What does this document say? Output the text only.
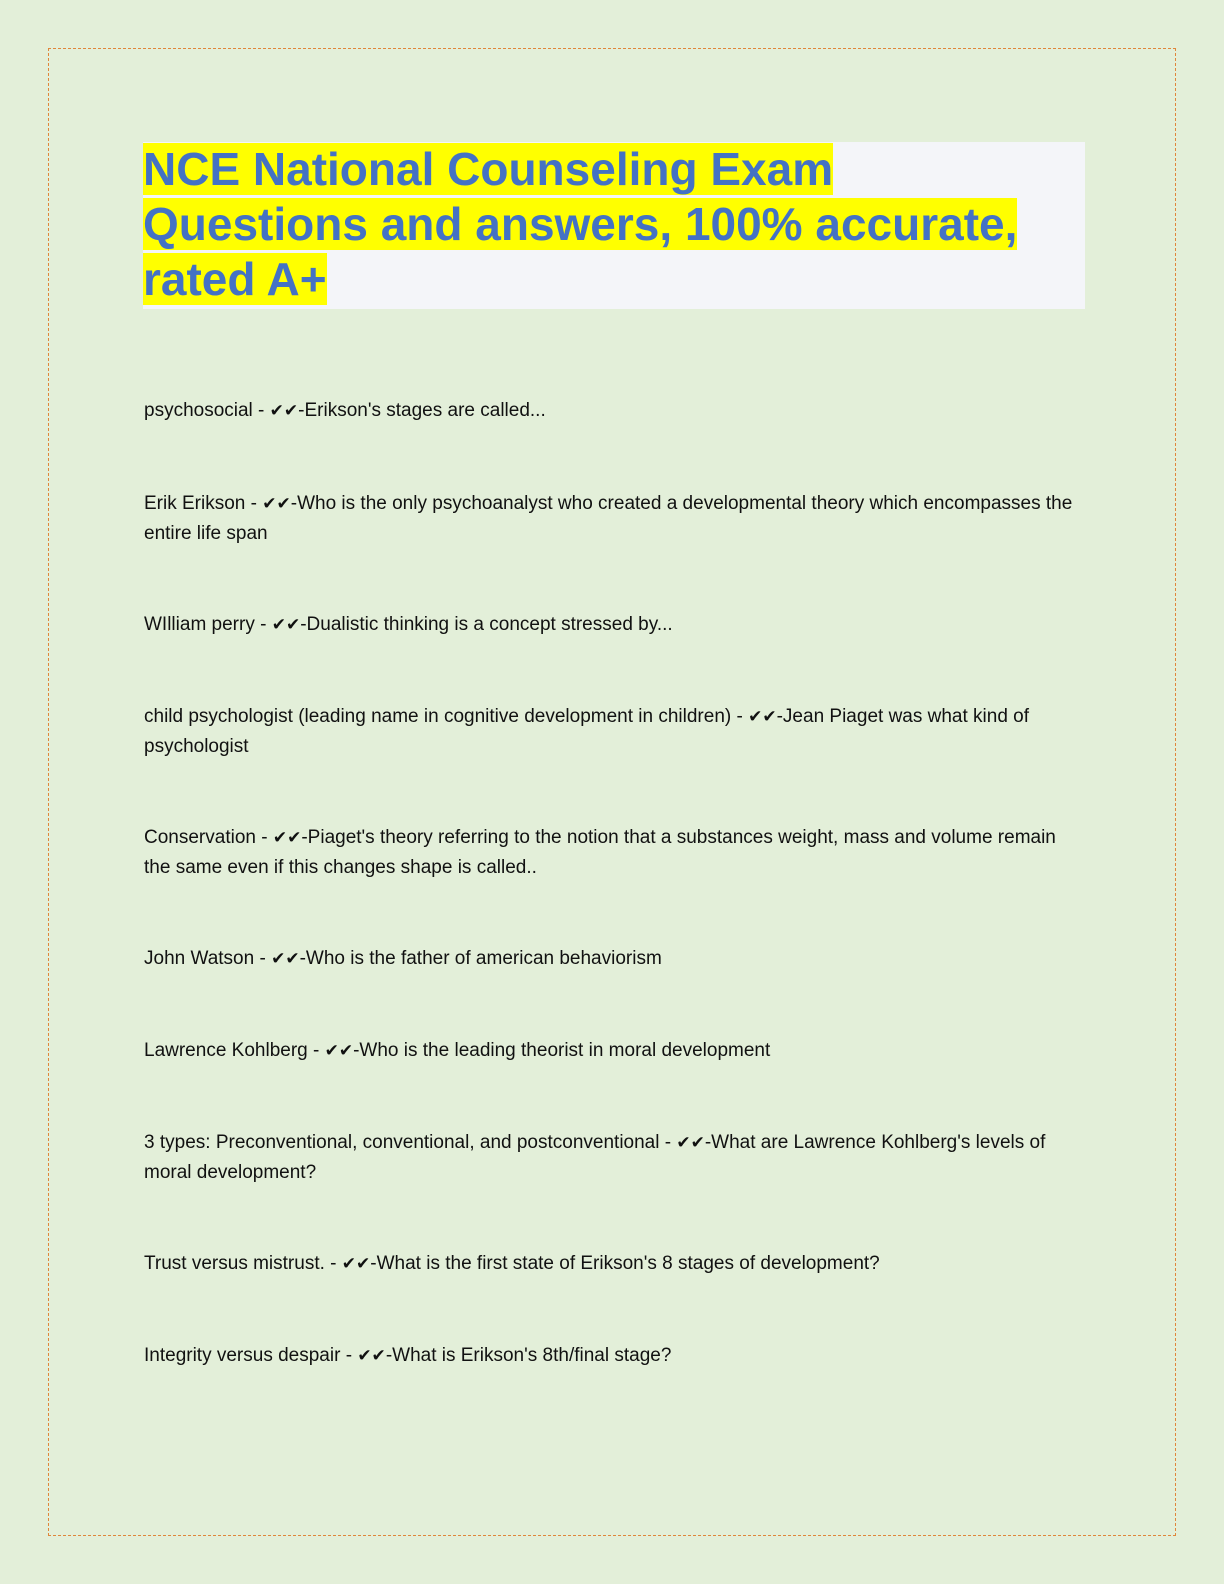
NCE National Counseling Exam
Questions and answers, 100% accurate,
rated A+

psychosocial - ✔✔-Erikson's stages are called...

Erik Erikson - ✔✔-Who is the only psychoanalyst who created a developmental theory which encompasses the entire life span

WIlliam perry - ✔✔-Dualistic thinking is a concept stressed by...

child psychologist (leading name in cognitive development in children) - ✔✔-Jean Piaget was what kind of psychologist

Conservation - ✔✔-Piaget's theory referring to the notion that a substances weight, mass and volume remain the same even if this changes shape is called..

John Watson - ✔✔-Who is the father of american behaviorism

Lawrence Kohlberg - ✔✔-Who is the leading theorist in moral development

3 types: Preconventional, conventional, and postconventional - ✔✔-What are Lawrence Kohlberg's levels of moral development?

Trust versus mistrust. - ✔✔-What is the first state of Erikson's 8 stages of development?

Integrity versus despair - ✔✔-What is Erikson's 8th/final stage?
